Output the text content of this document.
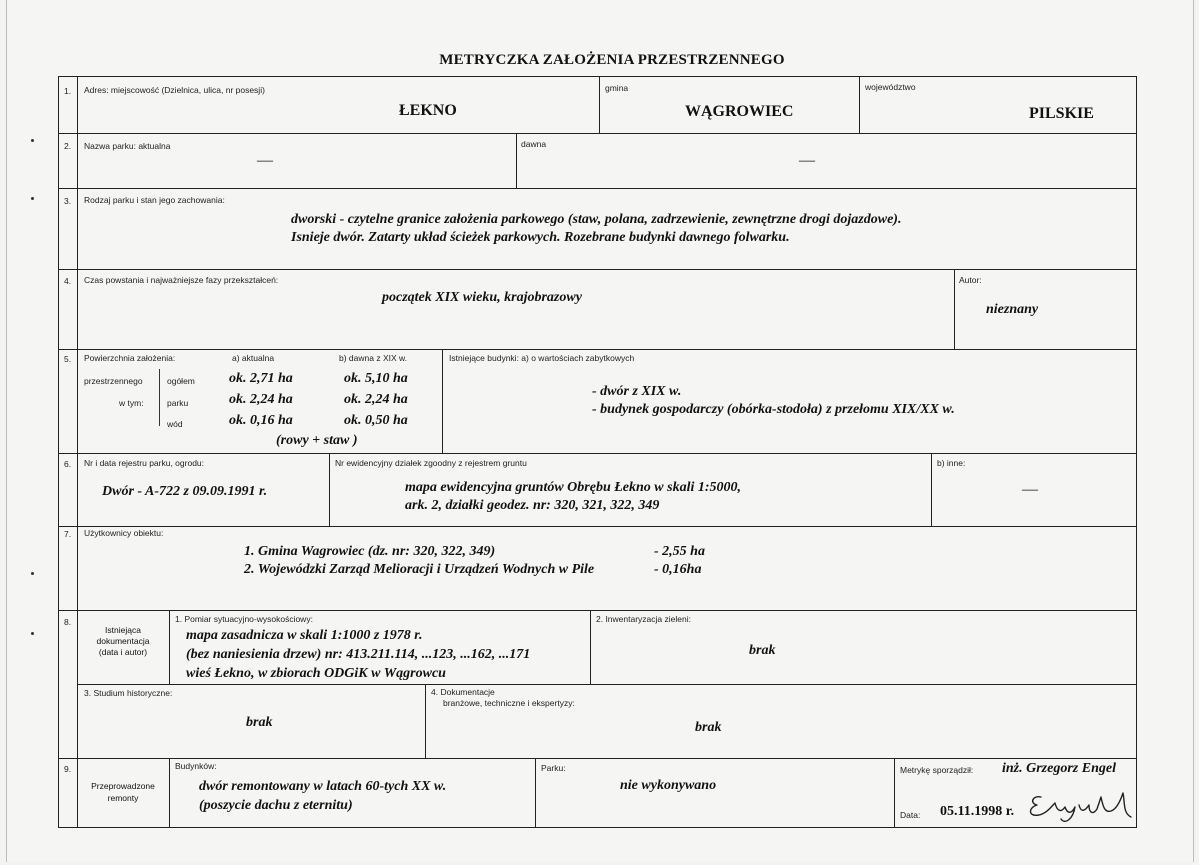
METRYCZKA ZAŁOŻENIA PRZESTRZENNEGO
1. Adres: miejscowość (Dzielnica, ulica, nr posesji)
ŁEKNO
gmina
WĄGROWIEC
województwo
PILSKIE
2. Nazwa parku: aktualna
—
dawna
—
3. Rodzaj parku i stan jego zachowania:
dworski - czytelne granice założenia parkowego (staw, polana, zadrzewienie, zewnętrzne drogi dojazdowe).
Isnieje dwór. Zatarty układ ścieżek parkowych. Rozebrane budynki dawnego folwarku.
4. Czas powstania i najważniejsze fazy przekształceń:
początek XIX wieku, krajobrazowy
Autor:
nieznany
5. Powierzchnia założenia:	a) aktualna	b) dawna z XIX w.
przestrzennego
w tym:
ogółem ok. 2,71 ha	ok. 5,10 ha
parku	ok. 2,24 ha	ok. 2,24 ha
wód	ok. 0,16 ha	ok. 0,50 ha
(rowy + staw )
Istniejące budynki: a) o wartościach zabytkowych
- dwór z XIX w.
- budynek gospodarczy (obórka-stodoła) z przełomu XIX/XX w.
6. Nr i data rejestru parku, ogrodu:
Dwór - A-722 z 09.09.1991 r.
Nr ewidencyjny działek zgoodny z rejestrem gruntu
mapa ewidencyjna gruntów Obrębu Łekno w skali 1:5000,
ark. 2, działki geodez. nr: 320, 321, 322, 349
b) inne:
—
7. Użytkownicy obiektu:
1. Gmina Wagrowiec (dz. nr: 320, 322, 349)	- 2,55 ha
2. Wojewódzki Zarząd Melioracji i Urządzeń Wodnych w Pile	- 0,16ha
8.
Istniejąca
dokumentacja
(data i autor)
1. Pomiar sytuacyjno-wysokościowy:
mapa zasadnicza w skali 1:1000 z 1978 r.
(bez naniesienia drzew) nr: 413.211.114, ...123, ...162, ...171
wieś Łekno, w zbiorach ODGiK w Wągrowcu
2. Inwentaryzacja zieleni:
brak
3. Studium historyczne:
brak
4. Dokumentacje
branżowe, techniczne i ekspertyzy:
brak
9.
Przeprowadzone
remonty
Budynków:
dwór remontowany w latach 60-tych XX w.
(poszycie dachu z eternitu)
Parku:
nie wykonywano
Metrykę sporządził: inż. Grzegorz Engel
Data: 05.11.1998 r.
